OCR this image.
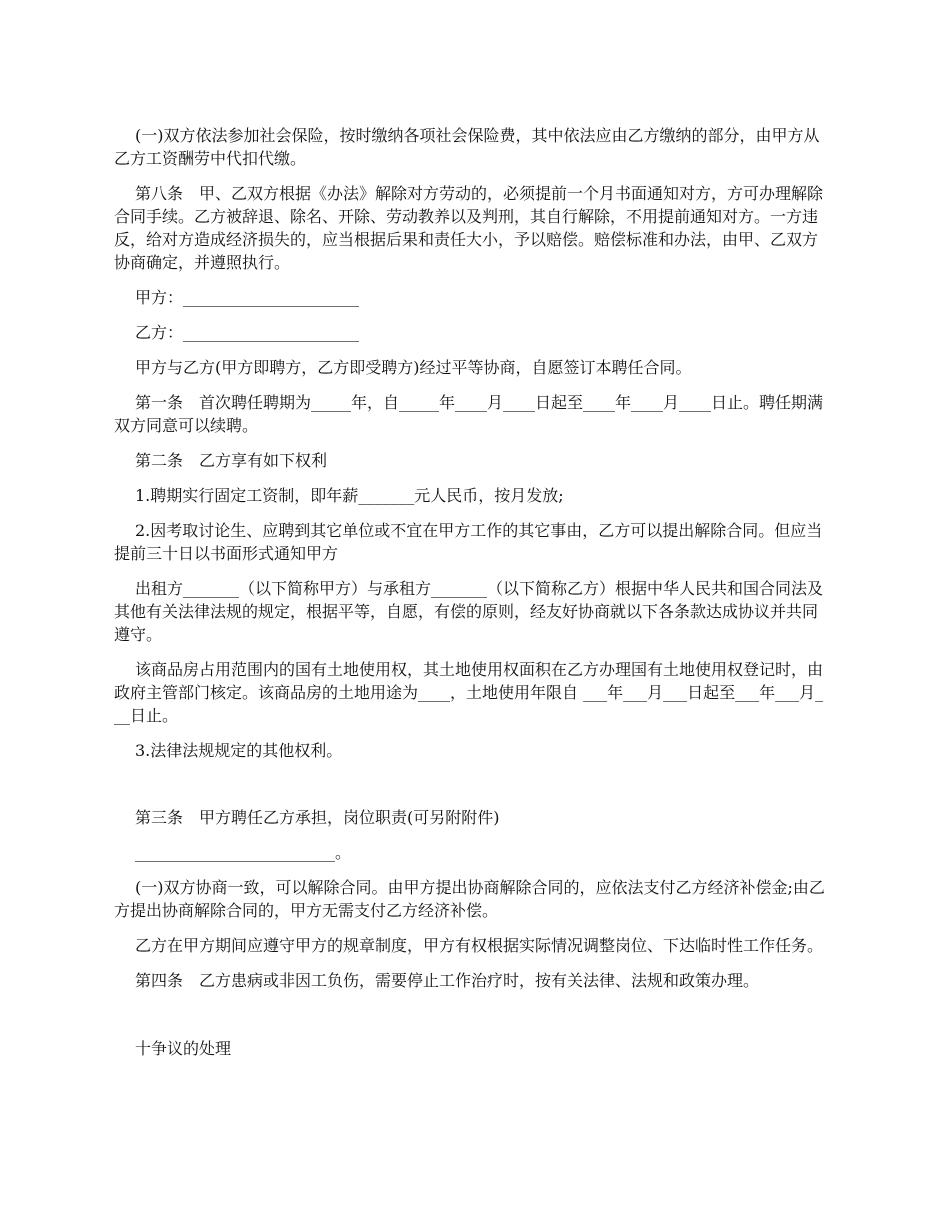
(一)双方依法参加社会保险，按时缴纳各项社会保险费，其中依法应由乙方缴纳的部分，由甲方从乙方工资酬劳中代扣代缴。

第八条　甲、乙双方根据《办法》解除对方劳动的，必须提前一个月书面通知对方，方可办理解除合同手续。乙方被辞退、除名、开除、劳动教养以及判刑，其自行解除，不用提前通知对方。一方违反，给对方造成经济损失的，应当根据后果和责任大小，予以赔偿。赔偿标准和办法，由甲、乙双方协商确定，并遵照执行。

甲方：______________________

乙方：______________________

甲方与乙方(甲方即聘方，乙方即受聘方)经过平等协商，自愿签订本聘任合同。

第一条　首次聘任聘期为_____年，自_____年____月____日起至____年____月____日止。聘任期满双方同意可以续聘。

第二条　乙方享有如下权利

1.聘期实行固定工资制，即年薪_______元人民币，按月发放;

2.因考取讨论生、应聘到其它单位或不宜在甲方工作的其它事由，乙方可以提出解除合同。但应当提前三十日以书面形式通知甲方

出租方_______（以下简称甲方）与承租方_______（以下简称乙方）根据中华人民共和国合同法及其他有关法律法规的规定，根据平等，自愿，有偿的原则，经友好协商就以下各条款达成协议并共同遵守。

该商品房占用范围内的国有土地使用权，其土地使用权面积在乙方办理国有土地使用权登记时，由政府主管部门核定。该商品房的土地用途为____，土地使用年限自 ___年___月___日起至___年___月___日止。

3.法律法规规定的其他权利。

第三条　甲方聘任乙方承担，岗位职责(可另附附件)

_________________________。

(一)双方协商一致，可以解除合同。由甲方提出协商解除合同的，应依法支付乙方经济补偿金;由乙方提出协商解除合同的，甲方无需支付乙方经济补偿。

乙方在甲方期间应遵守甲方的规章制度，甲方有权根据实际情况调整岗位、下达临时性工作任务。

第四条　乙方患病或非因工负伤，需要停止工作治疗时，按有关法律、法规和政策办理。

十争议的处理
